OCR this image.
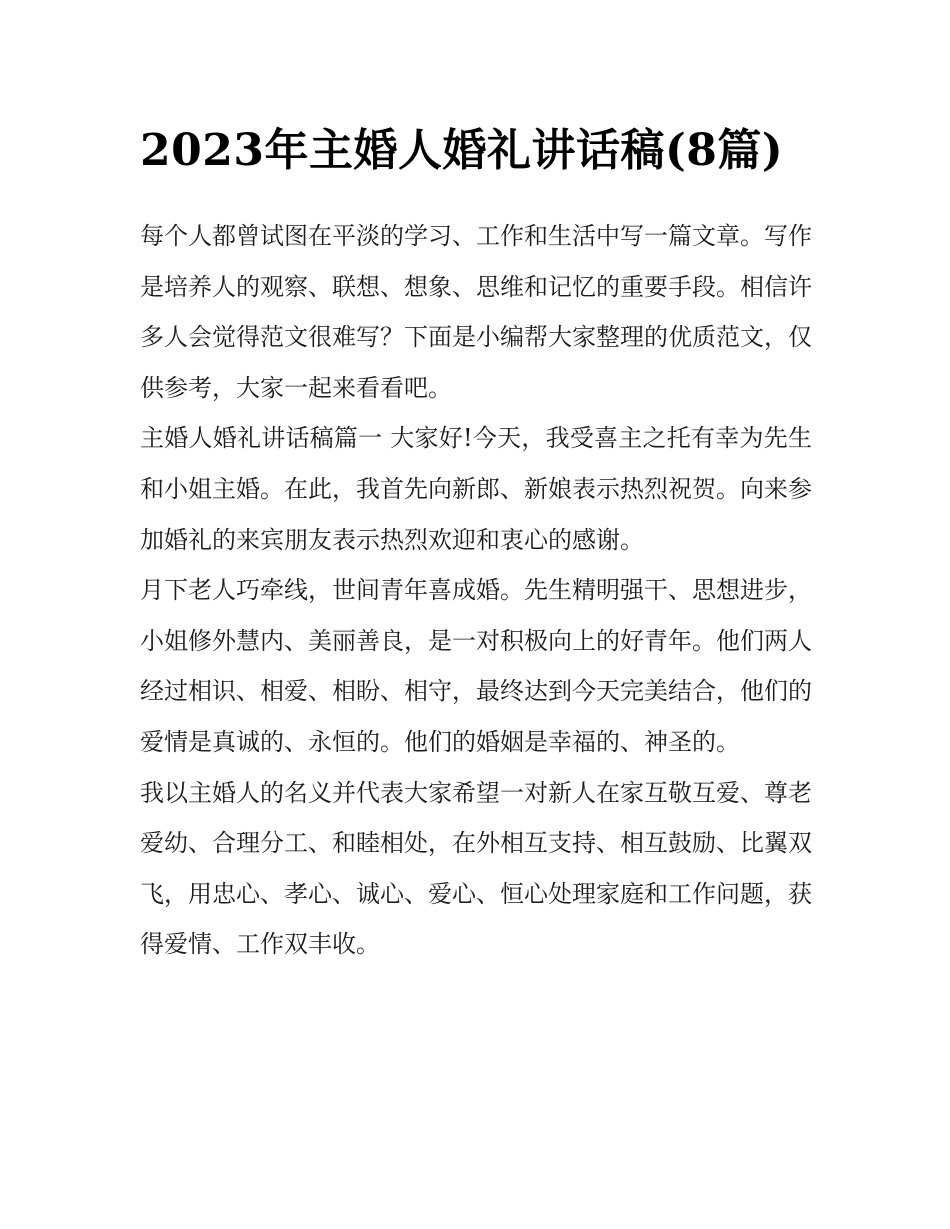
2023年主婚人婚礼讲话稿(8篇)

每个人都曾试图在平淡的学习、工作和生活中写一篇文章。写作是培养人的观察、联想、想象、思维和记忆的重要手段。相信许多人会觉得范文很难写？下面是小编帮大家整理的优质范文，仅供参考，大家一起来看看吧。

主婚人婚礼讲话稿篇一 大家好!今天，我受喜主之托有幸为先生和小姐主婚。在此，我首先向新郎、新娘表示热烈祝贺。向来参加婚礼的来宾朋友表示热烈欢迎和衷心的感谢。

月下老人巧牵线，世间青年喜成婚。先生精明强干、思想进步，小姐修外慧内、美丽善良，是一对积极向上的好青年。他们两人经过相识、相爱、相盼、相守，最终达到今天完美结合，他们的爱情是真诚的、永恒的。他们的婚姻是幸福的、神圣的。

我以主婚人的名义并代表大家希望一对新人在家互敬互爱、尊老爱幼、合理分工、和睦相处，在外相互支持、相互鼓励、比翼双飞，用忠心、孝心、诚心、爱心、恒心处理家庭和工作问题，获得爱情、工作双丰收。
